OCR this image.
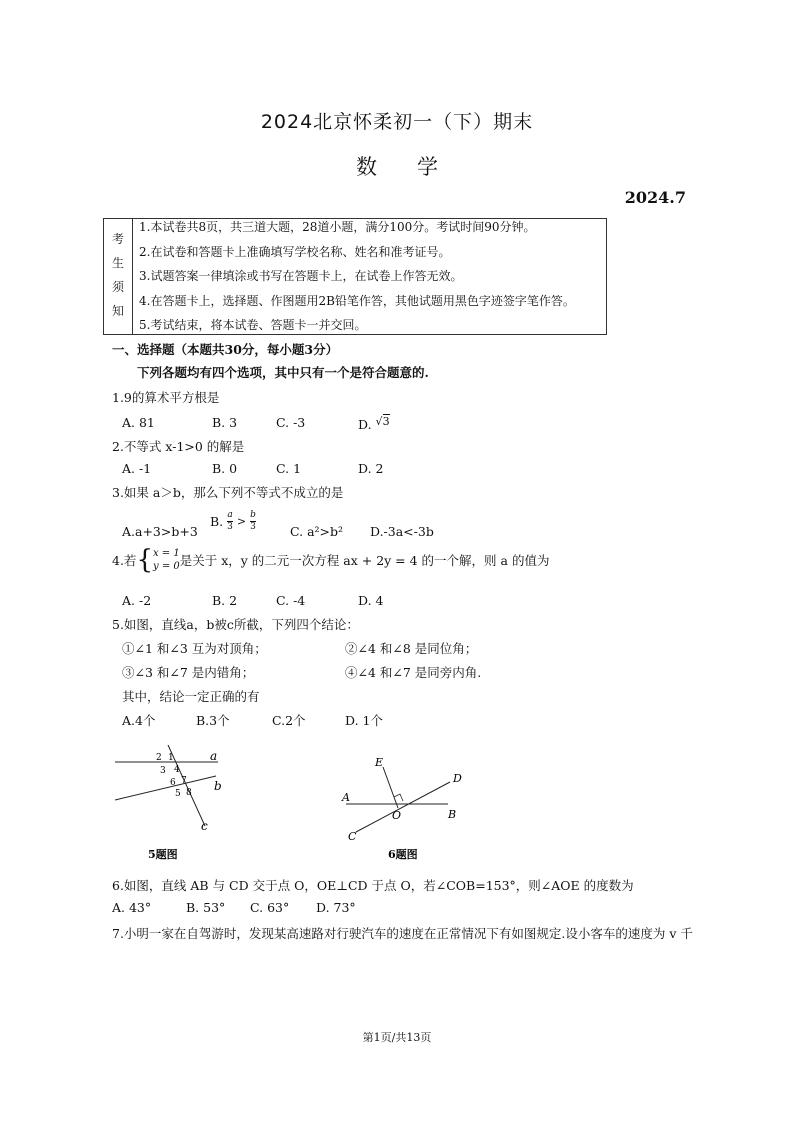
2024北京怀柔初一（下）期末
数学
2024.7
考
生
须
知
1.本试卷共8页，共三道大题，28道小题，满分100分。考试时间90分钟。
2.在试卷和答题卡上准确填写学校名称、姓名和准考证号。
3.试题答案一律填涂或书写在答题卡上，在试卷上作答无效。
4.在答题卡上，选择题、作图题用2B铅笔作答，其他试题用黑色字迹签字笔作答。
5.考试结束，将本试卷、答题卡一并交回。
一、选择题（本题共30分，每小题3分）
下列各题均有四个选项，其中只有一个是符合题意的.
1.9的算术平方根是
A. 81	B. 3	C. -3	D. √3
2.不等式 x-1>0 的解是
A. -1	B. 0	C. 1	D. 2
3.如果 a＞b，那么下列不等式不成立的是
A.a+3>b+3
B. $\frac{a}{3} > \frac{b}{3}$	C. a²>b² D.-3a<-3b
4.若{ x = 1
y = 0 是关于 x，y 的二元一次方程 ax + 2y = 4 的一个解，则 a 的值为
A. -2	B. 2	C. -4	D. 4
5.如图，直线a，b被c所截，下列四个结论：
①∠1 和∠3 互为对顶角；	②∠4 和∠8 是同位角；
③∠3 和∠7 是内错角；	④∠4 和∠7 是同旁内角.
其中，结论一定正确的有
A.4个	B.3个	C.2个	D. 1个
2 1
3 4
6 7
5 8
a
b
c
5题图
E
D
A
O	B
C
6题图
6.如图，直线 AB 与 CD 交于点 O，OE⊥CD 于点 O，若∠COB=153°，则∠AOE 的度数为
A. 43°	B. 53° C. 63° D. 73°
7.小明一家在自驾游时，发现某高速路对行驶汽车的速度在正常情况下有如图规定.设小客车的速度为 v 千
第1页/共13页
